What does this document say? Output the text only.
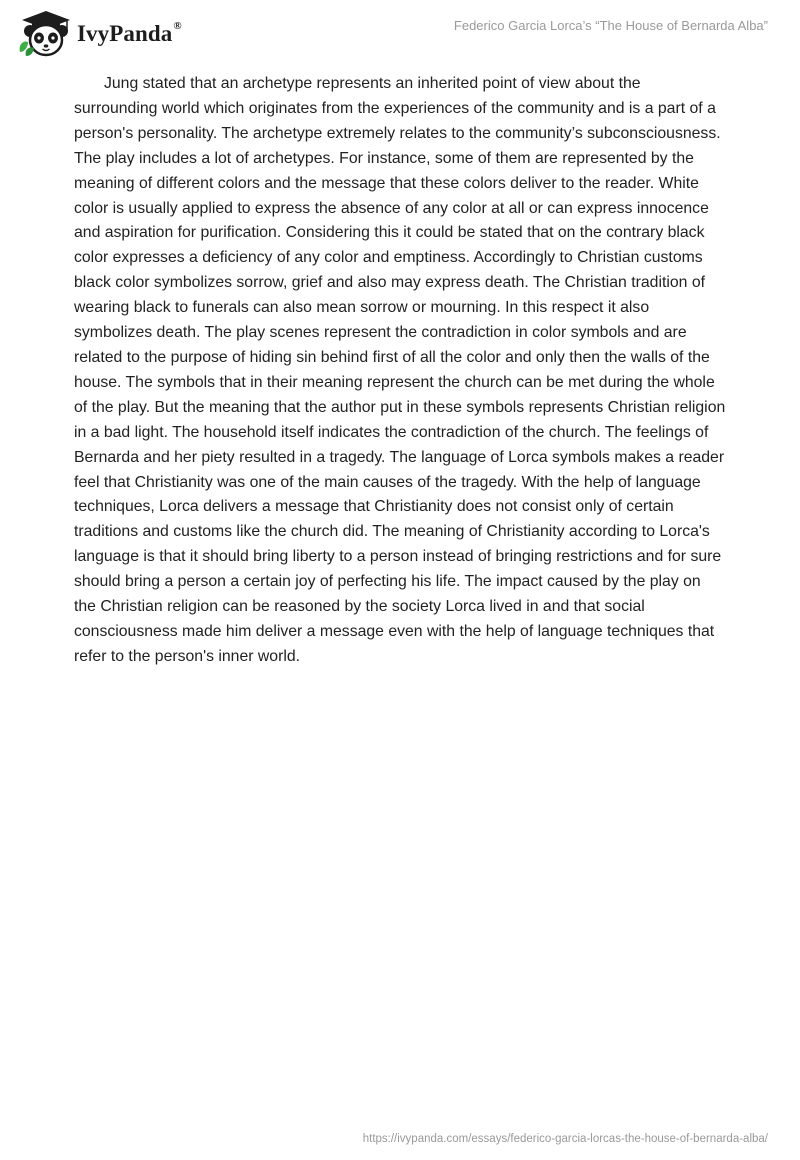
IvyPanda®	Federico Garcia Lorca’s “The House of Bernarda Alba”

Jung stated that an archetype represents an inherited point of view about the surrounding world which originates from the experiences of the community and is a part of a person's personality. The archetype extremely relates to the community’s subconsciousness. The play includes a lot of archetypes. For instance, some of them are represented by the meaning of different colors and the message that these colors deliver to the reader. White color is usually applied to express the absence of any color at all or can express innocence and aspiration for purification. Considering this it could be stated that on the contrary black color expresses a deficiency of any color and emptiness. Accordingly to Christian customs black color symbolizes sorrow, grief and also may express death. The Christian tradition of wearing black to funerals can also mean sorrow or mourning. In this respect it also symbolizes death. The play scenes represent the contradiction in color symbols and are related to the purpose of hiding sin behind first of all the color and only then the walls of the house. The symbols that in their meaning represent the church can be met during the whole of the play. But the meaning that the author put in these symbols represents Christian religion in a bad light. The household itself indicates the contradiction of the church. The feelings of Bernarda and her piety resulted in a tragedy. The language of Lorca symbols makes a reader feel that Christianity was one of the main causes of the tragedy. With the help of language techniques, Lorca delivers a message that Christianity does not consist only of certain traditions and customs like the church did. The meaning of Christianity according to Lorca's language is that it should bring liberty to a person instead of bringing restrictions and for sure should bring a person a certain joy of perfecting his life. The impact caused by the play on the Christian religion can be reasoned by the society Lorca lived in and that social consciousness made him deliver a message even with the help of language techniques that refer to the person's inner world.

https://ivypanda.com/essays/federico-garcia-lorcas-the-house-of-bernarda-alba/
